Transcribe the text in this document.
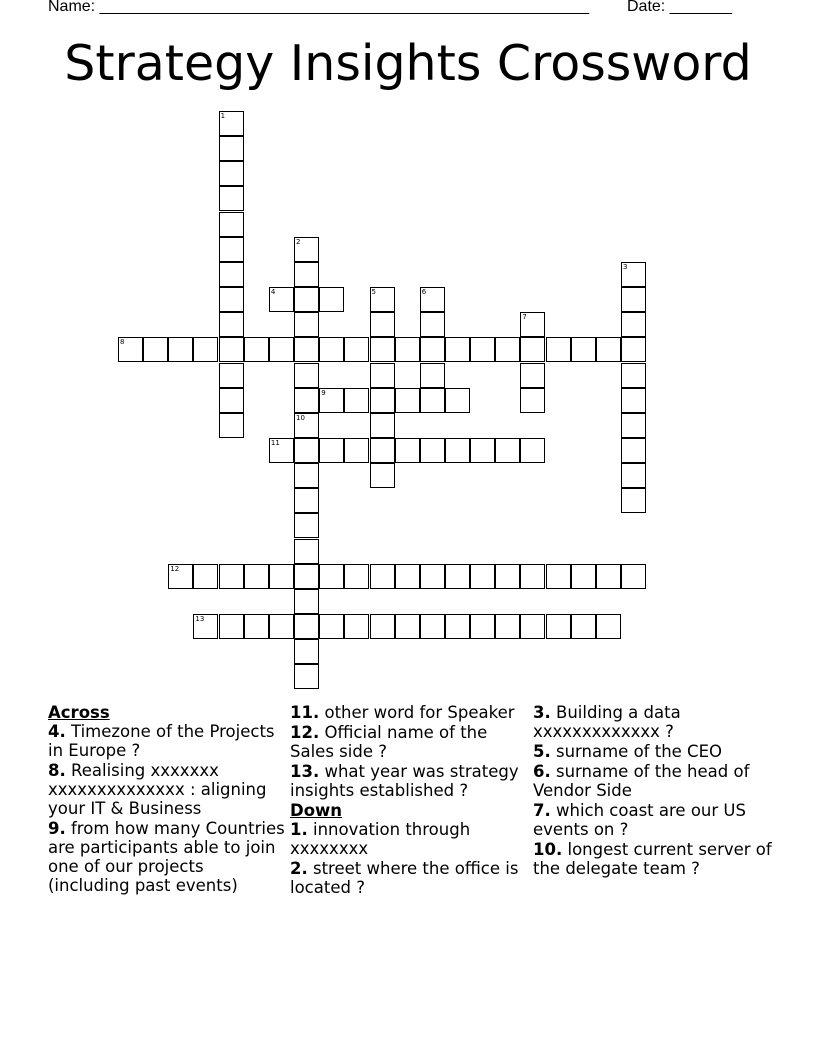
Name: _______________________________________________________ Date: _______
Strategy Insights Crossword
1
2
3
4	5	6
7
8
9
10
11
12
13
Across
4. Timezone of the Projects in Europe ?
8. Realising xxxxxxx xxxxxxxxxxxxxx : aligning your IT & Business
9. from how many Countries are participants able to join one of our projects (including past events)
11. other word for Speaker
12. Official name of the Sales side ?
13. what year was strategy insights established ?
Down
1. innovation through xxxxxxxx
2. street where the office is located ?
3. Building a data xxxxxxxxxxxxx ?
5. surname of the CEO
6. surname of the head of Vendor Side
7. which coast are our US events on ?
10. longest current server of the delegate team ?
